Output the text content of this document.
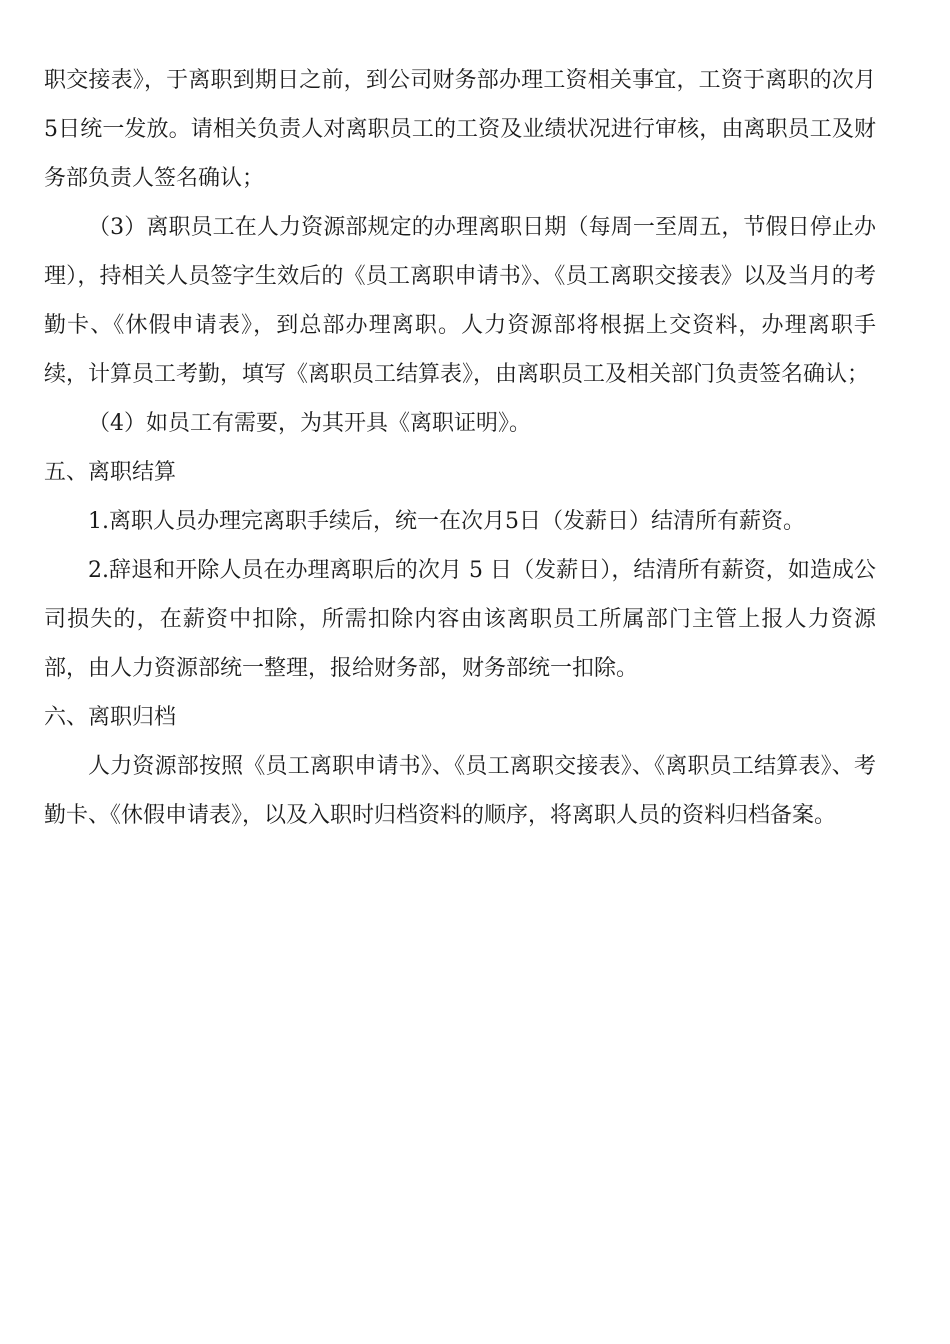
职交接表》，于离职到期日之前，到公司财务部办理工资相关事宜，工资于离职的次月5日统一发放。请相关负责人对离职员工的工资及业绩状况进行审核，由离职员工及财务部负责人签名确认；

（3）离职员工在人力资源部规定的办理离职日期（每周一至周五，节假日停止办理），持相关人员签字生效后的《员工离职申请书》、《员工离职交接表》以及当月的考勤卡、《休假申请表》，到总部办理离职。人力资源部将根据上交资料，办理离职手续，计算员工考勤，填写《离职员工结算表》，由离职员工及相关部门负责签名确认；

（4）如员工有需要，为其开具《离职证明》。

五、离职结算

1.离职人员办理完离职手续后，统一在次月5日（发薪日）结清所有薪资。

2.辞退和开除人员在办理离职后的次月 5 日（发薪日），结清所有薪资，如造成公司损失的，在薪资中扣除，所需扣除内容由该离职员工所属部门主管上报人力资源部，由人力资源部统一整理，报给财务部，财务部统一扣除。

六、离职归档

人力资源部按照《员工离职申请书》、《员工离职交接表》、《离职员工结算表》、考勤卡、《休假申请表》，以及入职时归档资料的顺序，将离职人员的资料归档备案。
